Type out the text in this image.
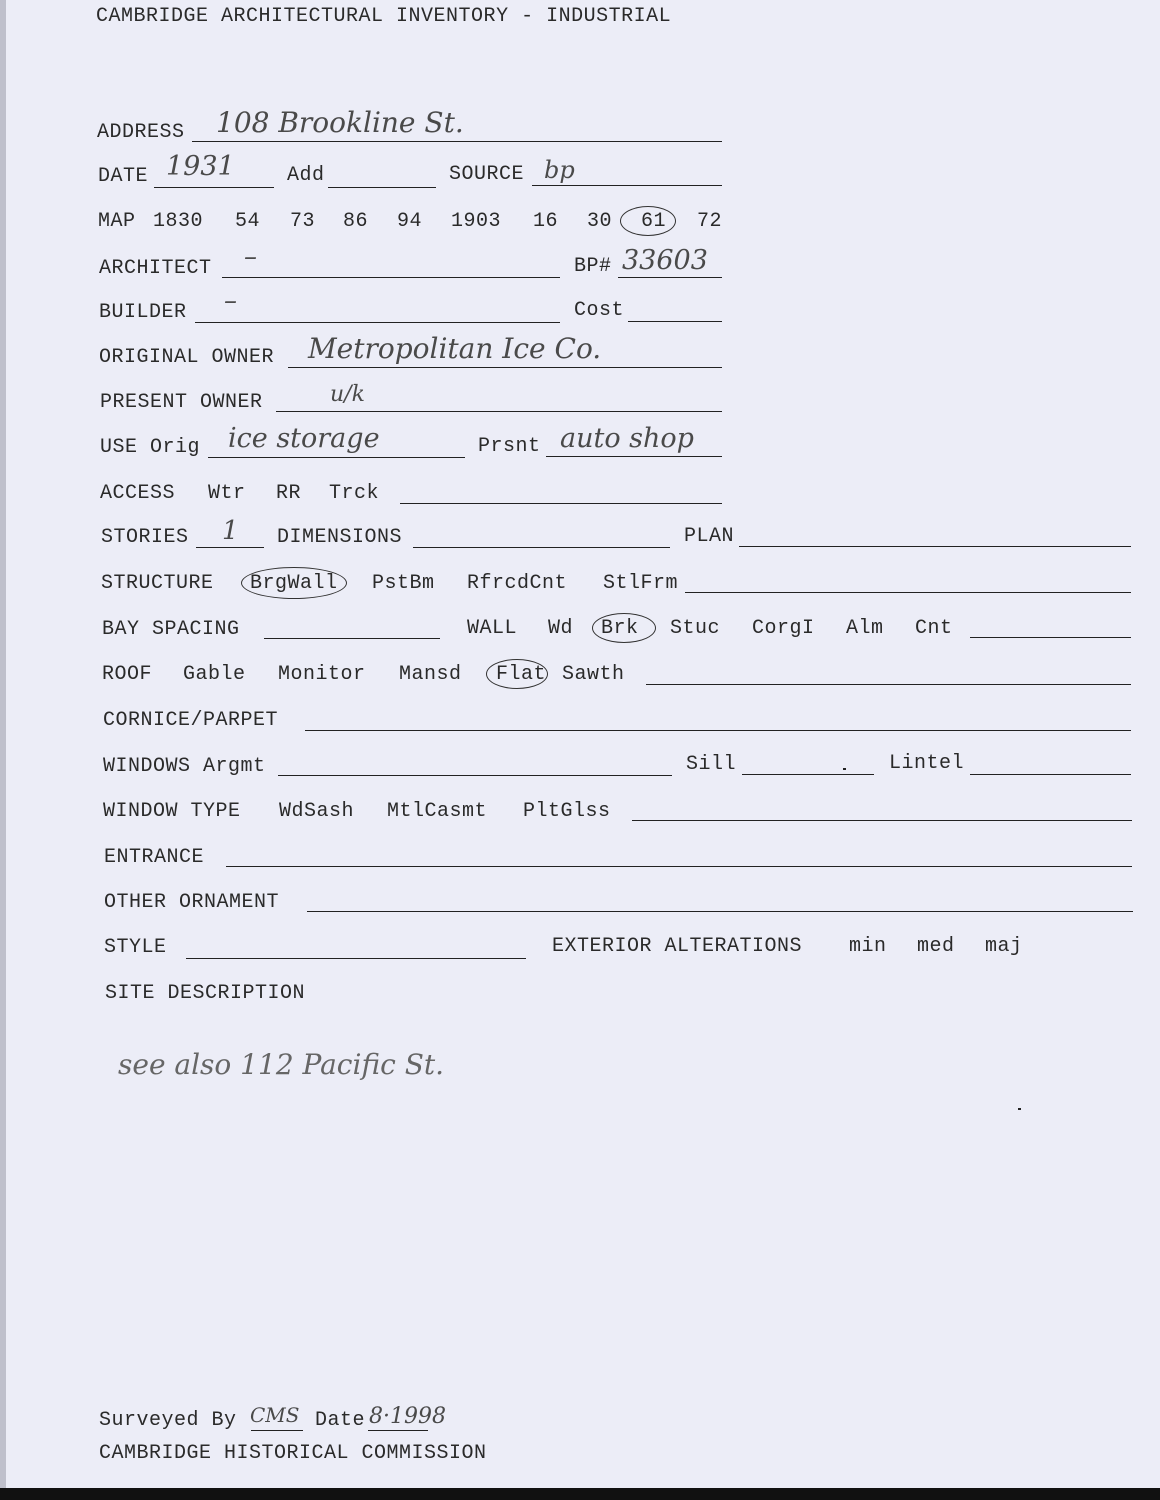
CAMBRIDGE ARCHITECTURAL INVENTORY - INDUSTRIAL
ADDRESS 108 Brookline St.
DATE 1931	Add	SOURCE bp
MAP 1830 54 73 86 94 1903 16 30 61 72
ARCHITECT –	BP# 33603
BUILDER –	Cost
ORIGINAL OWNER Metropolitan Ice Co.
PRESENT OWNER	u/k
USE Orig ice storage	Prsnt auto shop
ACCESS Wtr RR Trck
STORIES 1 DIMENSIONS	PLAN
STRUCTURE BrgWall PstBm RfrcdCnt StlFrm
BAY SPACING	WALL Wd Brk Stuc CorgI Alm Cnt
ROOF Gable Monitor Mansd Flat Sawth
CORNICE/PARPET
WINDOWS Argmt	Sill	Lintel
WINDOW TYPE WdSash MtlCasmt PltGlss
ENTRANCE
OTHER ORNAMENT
STYLE	EXTERIOR ALTERATIONS min med maj
SITE DESCRIPTION
see also 112 Pacific St.
Surveyed By CMS Date 8·1998
CAMBRIDGE HISTORICAL COMMISSION
